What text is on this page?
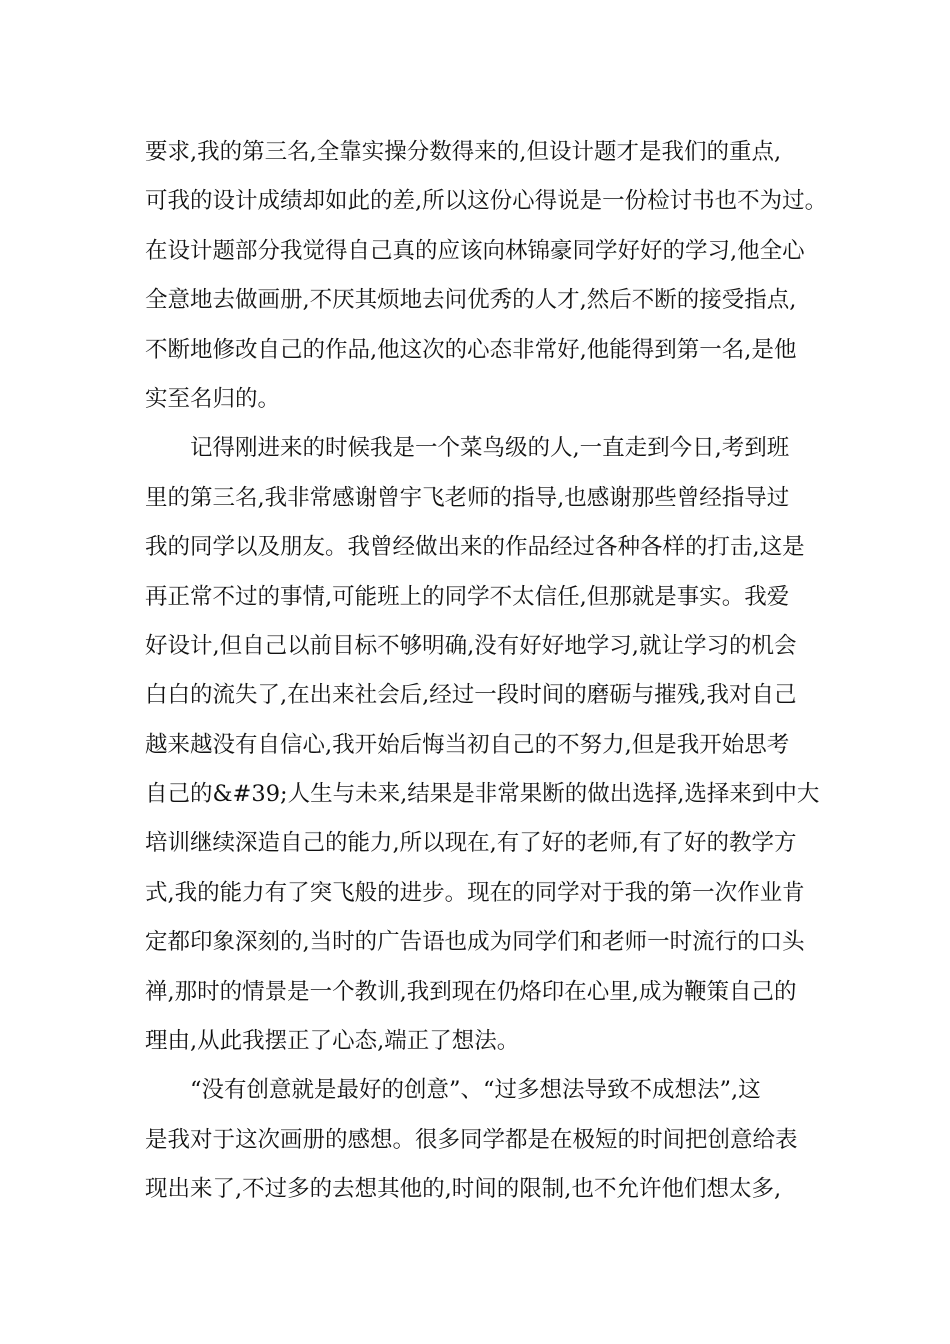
要求,我的第三名,全靠实操分数得来的,但设计题才是我们的重点,
可我的设计成绩却如此的差,所以这份心得说是一份检讨书也不为过。
在设计题部分我觉得自己真的应该向林锦豪同学好好的学习,他全心
全意地去做画册,不厌其烦地去问优秀的人才,然后不断的接受指点,
不断地修改自己的作品,他这次的心态非常好,他能得到第一名,是他
实至名归的。
记得刚进来的时候我是一个菜鸟级的人,一直走到今日,考到班
里的第三名,我非常感谢曾宇飞老师的指导,也感谢那些曾经指导过
我的同学以及朋友。我曾经做出来的作品经过各种各样的打击,这是
再正常不过的事情,可能班上的同学不太信任,但那就是事实。我爱
好设计,但自己以前目标不够明确,没有好好地学习,就让学习的机会
白白的流失了,在出来社会后,经过一段时间的磨砺与摧残,我对自己
越来越没有自信心,我开始后悔当初自己的不努力,但是我开始思考
自己的&#39;人生与未来,结果是非常果断的做出选择,选择来到中大
培训继续深造自己的能力,所以现在,有了好的老师,有了好的教学方
式,我的能力有了突飞般的进步。现在的同学对于我的第一次作业肯
定都印象深刻的,当时的广告语也成为同学们和老师一时流行的口头
禅,那时的情景是一个教训,我到现在仍烙印在心里,成为鞭策自己的
理由,从此我摆正了心态,端正了想法。
“没有创意就是最好的创意”、“过多想法导致不成想法”,这
是我对于这次画册的感想。很多同学都是在极短的时间把创意给表
现出来了,不过多的去想其他的,时间的限制,也不允许他们想太多,
